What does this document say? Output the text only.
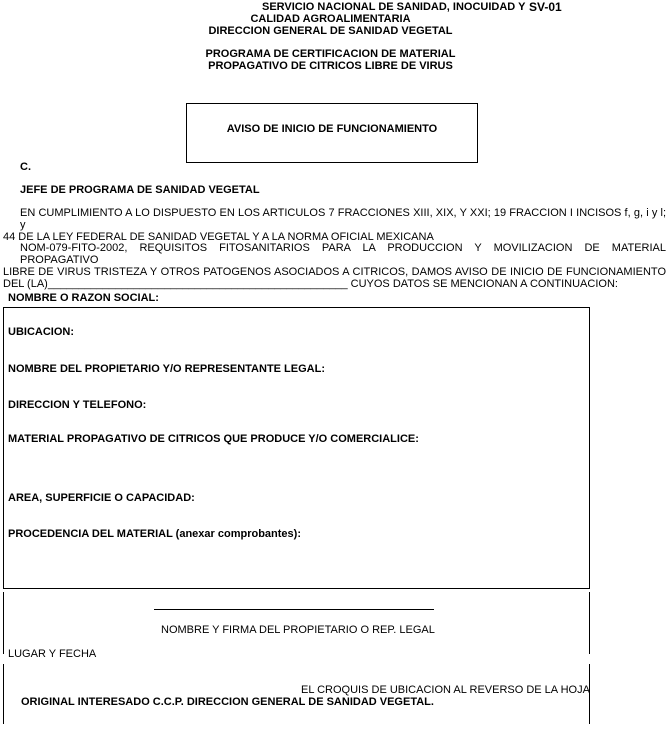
SERVICIO NACIONAL DE SANIDAD, INOCUIDAD Y SV-01
CALIDAD AGROALIMENTARIA
DIRECCION GENERAL DE SANIDAD VEGETAL
PROGRAMA DE CERTIFICACION DE MATERIAL
PROPAGATIVO DE CITRICOS LIBRE DE VIRUS
AVISO DE INICIO DE FUNCIONAMIENTO
C.
JEFE DE PROGRAMA DE SANIDAD VEGETAL
EN CUMPLIMIENTO A LO DISPUESTO EN LOS ARTICULOS 7 FRACCIONES XIII, XIX, Y XXI; 19 FRACCION I INCISOS f, g, i y l; y
44 DE LA LEY FEDERAL DE SANIDAD VEGETAL Y A LA NORMA OFICIAL MEXICANA
NOM-079-FITO-2002, REQUISITOS FITOSANITARIOS PARA LA PRODUCCION Y MOVILIZACION DE MATERIAL PROPAGATIVO
LIBRE DE VIRUS TRISTEZA Y OTROS PATOGENOS ASOCIADOS A CITRICOS, DAMOS AVISO DE INICIO DE FUNCIONAMIENTO
DEL (LA)_________________________________________________ CUYOS DATOS SE MENCIONAN A CONTINUACION:
NOMBRE O RAZON SOCIAL:
UBICACION:
NOMBRE DEL PROPIETARIO Y/O REPRESENTANTE LEGAL:
DIRECCION Y TELEFONO:
MATERIAL PROPAGATIVO DE CITRICOS QUE PRODUCE Y/O COMERCIALICE:
AREA, SUPERFICIE O CAPACIDAD:
PROCEDENCIA DEL MATERIAL (anexar comprobantes):
NOMBRE Y FIRMA DEL PROPIETARIO O REP. LEGAL
LUGAR Y FECHA
EL CROQUIS DE UBICACION AL REVERSO DE LA HOJA
ORIGINAL INTERESADO C.C.P. DIRECCION GENERAL DE SANIDAD VEGETAL.
